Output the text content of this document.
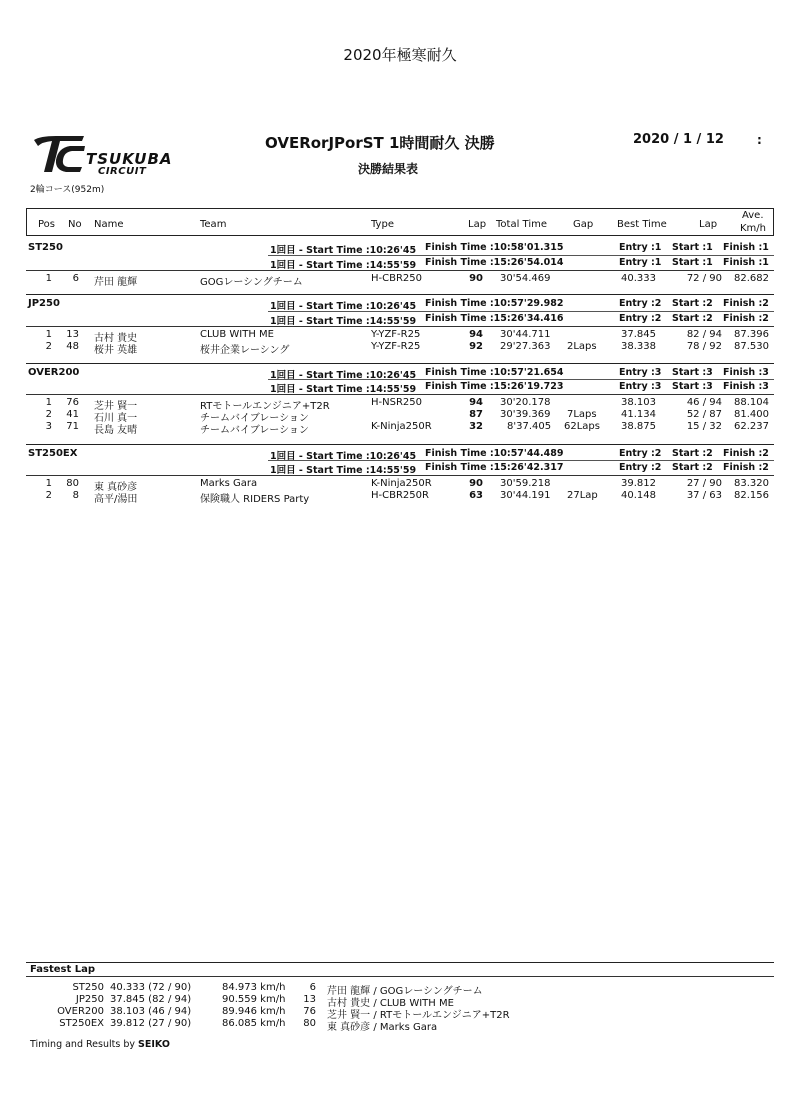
2020年極寒耐久
TSUKUBA
CIRCUIT
2輪コース(952m)
OVERorJPorST 1時間耐久 決勝	2020 / 1 / 12	:
決勝結果表
Pos No Name	Team	Type	Lap Total Time	Gap Best Time	Lap
Ave.
Km/h
ST250	1回目 - Start Time :10:26'45 Finish Time :10:58'01.315	Entry :1 Start :1 Finish :1
1回目 - Start Time :14:55'59 Finish Time :15:26'54.014	Entry :1 Start :1 Finish :1
1	6 芹田 龍輝	GOGレーシングチーム	H-CBR250	90 30'54.469	40.333	72 / 90	82.682
JP250	1回目 - Start Time :10:26'45 Finish Time :10:57'29.982	Entry :2 Start :2 Finish :2
1回目 - Start Time :14:55'59 Finish Time :15:26'34.416	Entry :2 Start :2 Finish :2
1	13 古村 貴史	CLUB WITH ME	Y-YZF-R25	94 30'44.711	37.845	82 / 94	87.396
2	48 桜井 英雄	桜井企業レーシング	Y-YZF-R25	92 29'27.363 2Laps	38.338	78 / 92	87.530
OVER200	1回目 - Start Time :10:26'45 Finish Time :10:57'21.654	Entry :3 Start :3 Finish :3
1回目 - Start Time :14:55'59 Finish Time :15:26'19.723	Entry :3 Start :3 Finish :3
1	76 芝井 賢一	RTモトールエンジニア+T2R	H-NSR250	94 30'20.178	38.103	46 / 94	88.104
2	41 石川 真一	チームバイブレーション	87 30'39.369 7Laps	41.134	52 / 87	81.400
3	71 長島 友晴	チームバイブレーション	K-Ninja250R	32 8'37.405 62Laps	38.875	15 / 32	62.237
ST250EX	1回目 - Start Time :10:26'45 Finish Time :10:57'44.489	Entry :2 Start :2 Finish :2
1回目 - Start Time :14:55'59 Finish Time :15:26'42.317	Entry :2 Start :2 Finish :2
1	80 東 真砂彦	Marks Gara	K-Ninja250R	90 30'59.218	39.812	27 / 90	83.320
2	8 高平/湯田	保険職人 RIDERS Party	H-CBR250R	63 30'44.191 27Lap	40.148	37 / 63	82.156
Fastest Lap
ST250 40.333 (72 / 90)	84.973 km/h	6 芹田 龍輝 / GOGレーシングチーム
JP250 37.845 (82 / 94)	90.559 km/h	13 古村 貴史 / CLUB WITH ME
OVER200 38.103 (46 / 94)	89.946 km/h	76 芝井 賢一 / RTモトールエンジニア+T2R
ST250EX 39.812 (27 / 90)	86.085 km/h	80 東 真砂彦 / Marks Gara
Timing and Results by SEIKO
